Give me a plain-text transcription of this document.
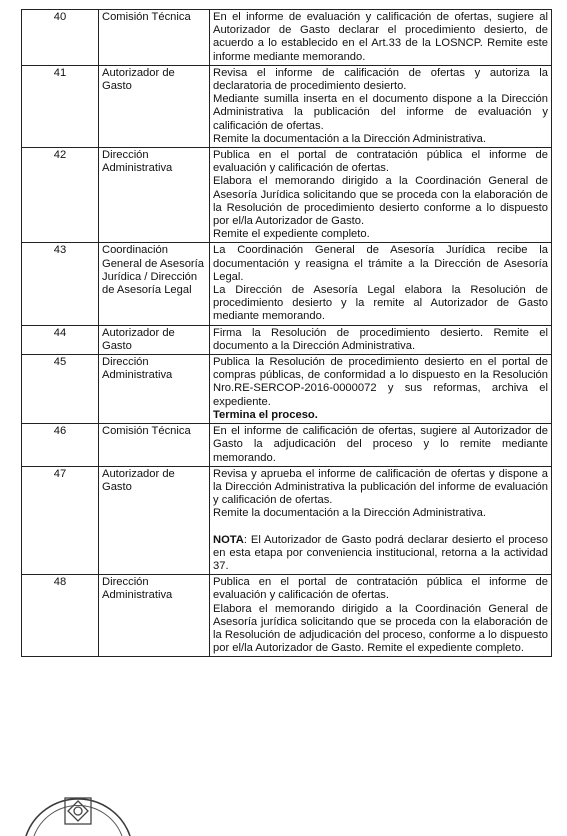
40	Comisión Técnica	En el informe de evaluación y calificación de ofertas, sugiere al Autorizador de Gasto declarar el procedimiento desierto, de acuerdo a lo establecido en el Art.33 de la LOSNCP. Remite este informe mediante memorando.

41	Autorizador de Gasto	Revisa el informe de calificación de ofertas y autoriza la declaratoria de procedimiento desierto.
Mediante sumilla inserta en el documento dispone a la Dirección Administrativa la publicación del informe de evaluación y calificación de ofertas.
Remite la documentación a la Dirección Administrativa.

42	Dirección Administrativa	Publica en el portal de contratación pública el informe de evaluación y calificación de ofertas.
Elabora el memorando dirigido a la Coordinación General de Asesoría Jurídica solicitando que se proceda con la elaboración de la Resolución de procedimiento desierto conforme a lo dispuesto por el/la Autorizador de Gasto.
Remite el expediente completo.

43	Coordinación General de Asesoría Jurídica / Dirección de Asesoría Legal	La Coordinación General de Asesoría Jurídica recibe la documentación y reasigna el trámite a la Dirección de Asesoría Legal.
La Dirección de Asesoría Legal elabora la Resolución de procedimiento desierto y la remite al Autorizador de Gasto mediante memorando.

44	Autorizador de Gasto	Firma la Resolución de procedimiento desierto. Remite el documento a la Dirección Administrativa.

45	Dirección Administrativa	Publica la Resolución de procedimiento desierto en el portal de compras públicas, de conformidad a lo dispuesto en la Resolución Nro.RE-SERCOP-2016-0000072 y sus reformas, archiva el expediente.
Termina el proceso.

46	Comisión Técnica	En el informe de calificación de ofertas, sugiere al Autorizador de Gasto la adjudicación del proceso y lo remite mediante memorando.

47	Autorizador de Gasto	Revisa y aprueba el informe de calificación de ofertas y dispone a la Dirección Administrativa la publicación del informe de evaluación y calificación de ofertas.
Remite la documentación a la Dirección Administrativa.
NOTA: El Autorizador de Gasto podrá declarar desierto el proceso en esta etapa por conveniencia institucional, retorna a la actividad 37.

48	Dirección Administrativa	Publica en el portal de contratación pública el informe de evaluación y calificación de ofertas.
Elabora el memorando dirigido a la Coordinación General de Asesoría jurídica solicitando que se proceda con la elaboración de la Resolución de adjudicación del proceso, conforme a lo dispuesto por el/la Autorizador de Gasto. Remite el expediente completo.
